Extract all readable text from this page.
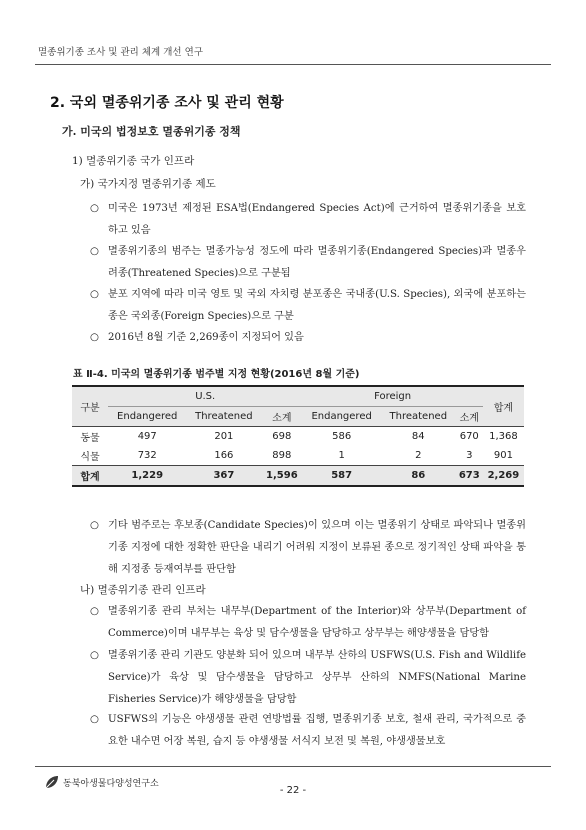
멸종위기종 조사 및 관리 체계 개선 연구
2. 국외 멸종위기종 조사 및 관리 현황
가. 미국의 법정보호 멸종위기종 정책
1) 멸종위기종 국가 인프라
가) 국가지정 멸종위기종 제도
○ 미국은 1973년 제정된 ESA법(Endangered Species Act)에 근거하여 멸종위기종을 보호하고 있음
○ 멸종위기종의 범주는 멸종가능성 정도에 따라 멸종위기종(Endangered Species)과 멸종우려종(Threatened Species)으로 구분됨
○ 분포 지역에 따라 미국 영토 및 국외 자치령 분포종은 국내종(U.S. Species), 외국에 분포하는 종은 국외종(Foreign Species)으로 구분
○ 2016년 8월 기준 2,269종이 지정되어 있음
표 Ⅱ-4. 미국의 멸종위기종 범주별 지정 현황(2016년 8월 기준)
구분	U.S.			Foreign			합계
	Endangered	Threatened	소계	Endangered	Threatened	소계	
동물	497	201	698	586	84	670	1,368
식물	732	166	898	1	2	3	901
합계	1,229	367	1,596	587	86	673	2,269
○ 기타 범주로는 후보종(Candidate Species)이 있으며 이는 멸종위기 상태로 파악되나 멸종위기종 지정에 대한 정확한 판단을 내리기 어려워 지정이 보류된 종으로 정기적인 상태 파악을 통해 지정종 등재여부를 판단함
나) 멸종위기종 관리 인프라
○ 멸종위기종 관리 부처는 내무부(Department of the Interior)와 상무부(Department of Commerce)이며 내무부는 육상 및 담수생물을 담당하고 상무부는 해양생물을 담당함
○ 멸종위기종 관리 기관도 양분화 되어 있으며 내무부 산하의 USFWS(U.S. Fish and Wildlife Service)가 육상 및 담수생물을 담당하고 상무부 산하의 NMFS(National Marine Fisheries Service)가 해양생물을 담당함
○ USFWS의 기능은 야생생물 관련 연방법률 집행, 멸종위기종 보호, 철새 관리, 국가적으로 중요한 내수면 어장 복원, 습지 등 야생생물 서식지 보전 및 복원, 야생생물보호
동북아생물다양성연구소
- 22 -
